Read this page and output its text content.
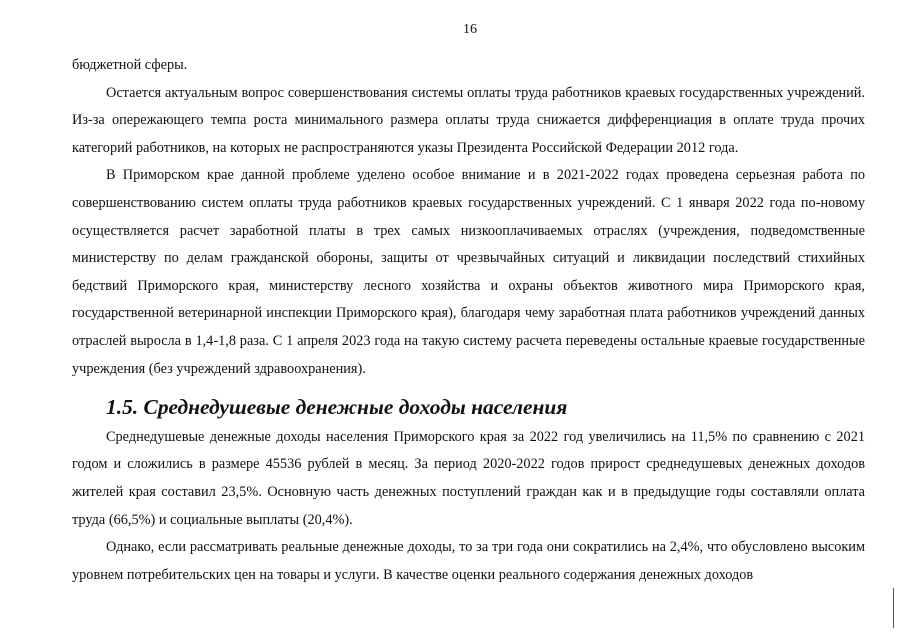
16

бюджетной сферы.

Остается актуальным вопрос совершенствования системы оплаты труда работников краевых государственных учреждений. Из-за опережающего темпа роста минимального размера оплаты труда снижается дифференциация в оплате труда прочих категорий работников, на которых не распространяются указы Президента Российской Федерации 2012 года.

В Приморском крае данной проблеме уделено особое внимание и в 2021-2022 годах проведена серьезная работа по совершенствованию систем оплаты труда работников краевых государственных учреждений. С 1 января 2022 года по-новому осуществляется расчет заработной платы в трех самых низкооплачиваемых отраслях (учреждения, подведомственные министерству по делам гражданской обороны, защиты от чрезвычайных ситуаций и ликвидации последствий стихийных бедствий Приморского края, министерству лесного хозяйства и охраны объектов животного мира Приморского края, государственной ветеринарной инспекции Приморского края), благодаря чему заработная плата работников учреждений данных отраслей выросла в 1,4-1,8 раза. С 1 апреля 2023 года на такую систему расчета переведены остальные краевые государственные учреждения (без учреждений здравоохранения).

1.5. Среднедушевые денежные доходы населения

Среднедушевые денежные доходы населения Приморского края за 2022 год увеличились на 11,5% по сравнению с 2021 годом и сложились в размере 45536 рублей в месяц. За период 2020-2022 годов прирост среднедушевых денежных доходов жителей края составил 23,5%. Основную часть денежных поступлений граждан как и в предыдущие годы составляли оплата труда (66,5%) и социальные выплаты (20,4%).

Однако, если рассматривать реальные денежные доходы, то за три года они сократились на 2,4%, что обусловлено высоким уровнем потребительских цен на товары и услуги. В качестве оценки реального содержания денежных доходов
